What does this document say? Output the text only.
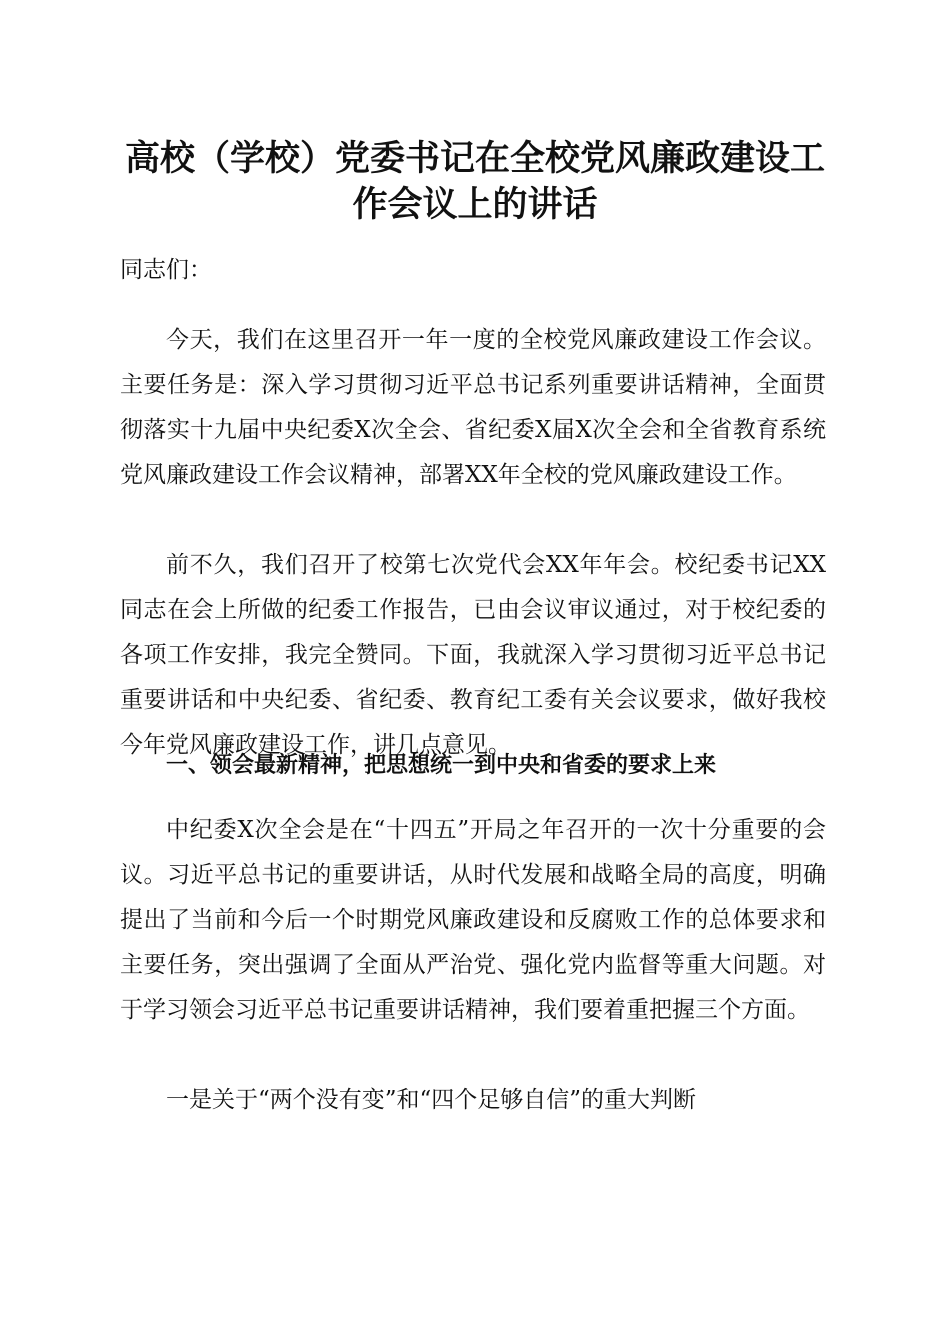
高校（学校）党委书记在全校党风廉政建设工
作会议上的讲话

同志们：

今天，我们在这里召开一年一度的全校党风廉政建设工作会议。主要任务是：深入学习贯彻习近平总书记系列重要讲话精神，全面贯彻落实十九届中央纪委X次全会、省纪委X届X次全会和全省教育系统党风廉政建设工作会议精神，部署XX年全校的党风廉政建设工作。

前不久，我们召开了校第七次党代会XX年年会。校纪委书记XX同志在会上所做的纪委工作报告，已由会议审议通过，对于校纪委的各项工作安排，我完全赞同。下面，我就深入学习贯彻习近平总书记重要讲话和中央纪委、省纪委、教育纪工委有关会议要求，做好我校今年党风廉政建设工作，讲几点意见。

一、领会最新精神，把思想统一到中央和省委的要求上来

中纪委X次全会是在“十四五”开局之年召开的一次十分重要的会议。习近平总书记的重要讲话，从时代发展和战略全局的高度，明确提出了当前和今后一个时期党风廉政建设和反腐败工作的总体要求和主要任务，突出强调了全面从严治党、强化党内监督等重大问题。对于学习领会习近平总书记重要讲话精神，我们要着重把握三个方面。

一是关于“两个没有变”和“四个足够自信”的重大判断
